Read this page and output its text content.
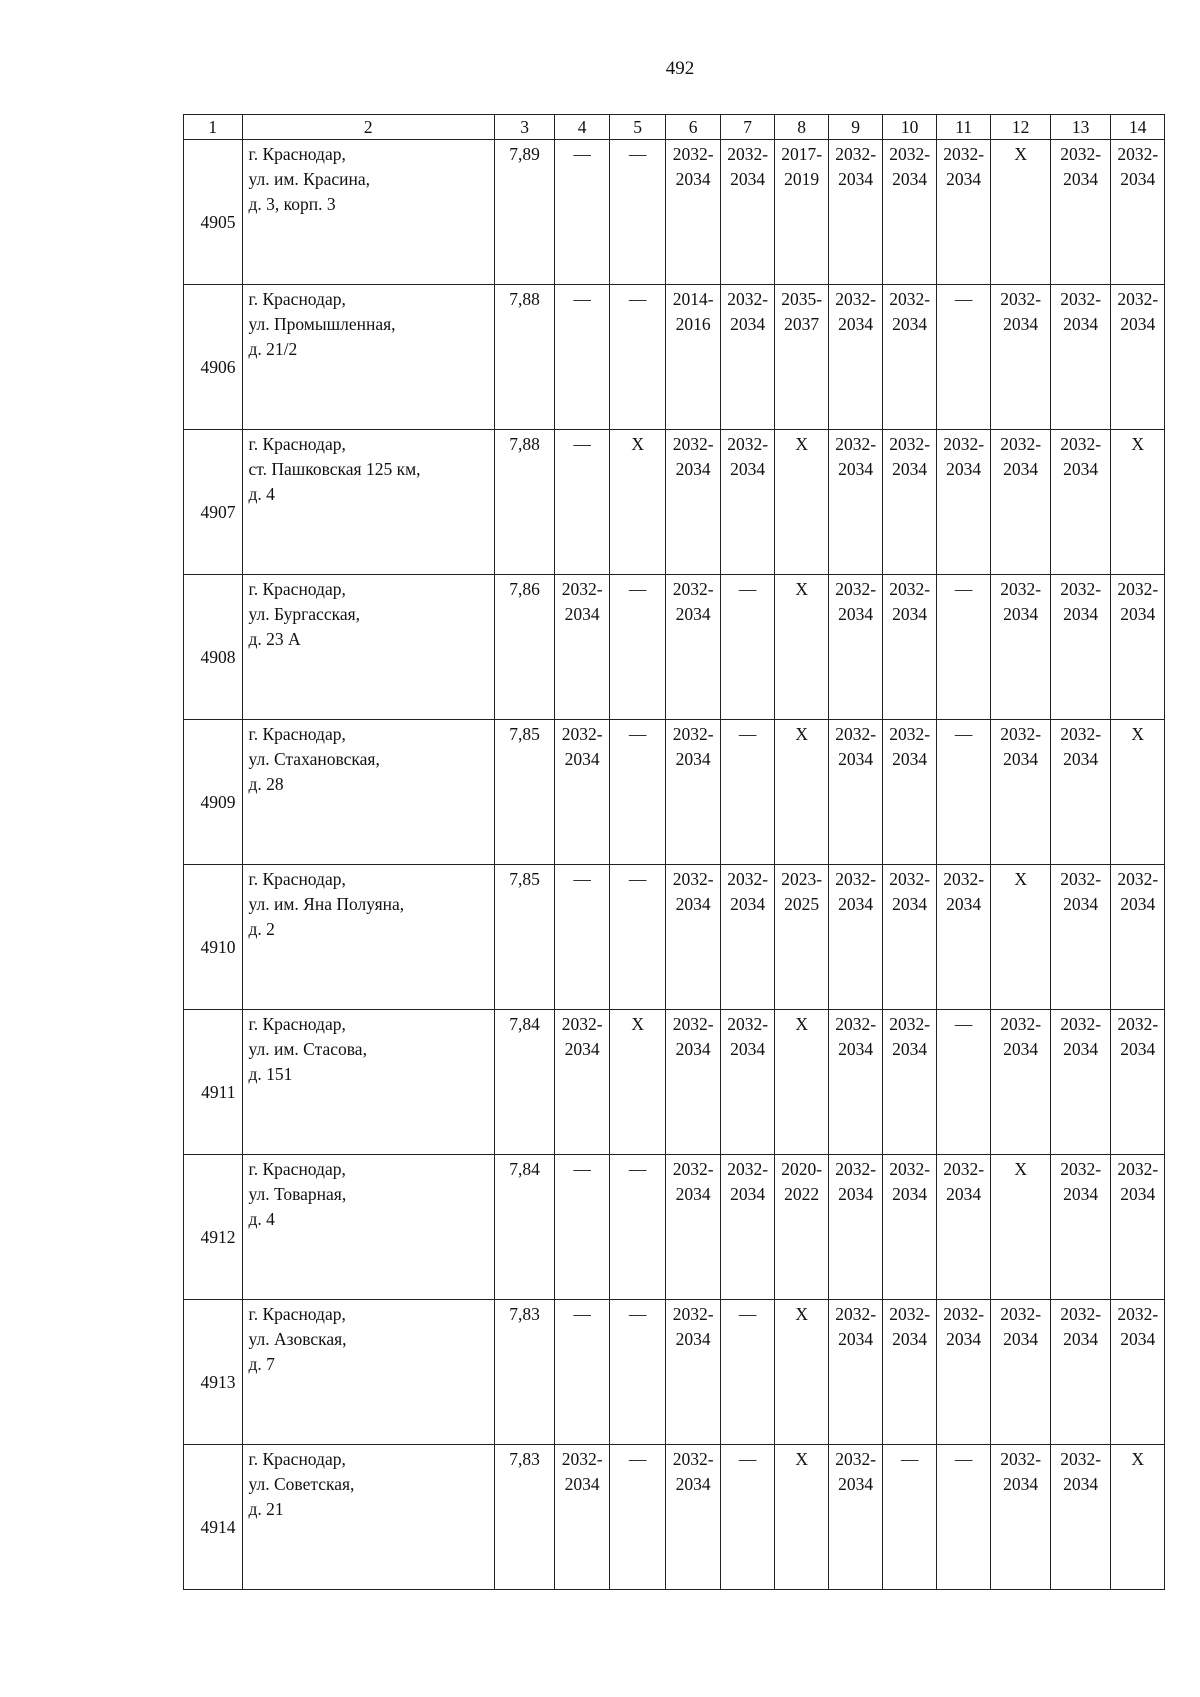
492
1	2	3	4	5	6	7	8	9	10	11	12	13	14
4905	г. Краснодар,
ул. им. Красина,
д. 3, корп. 3	7,89	—	—	2032-
2034	2032-
2034	2017-
2019	2032-
2034	2032-
2034	2032-
2034	Х	2032-
2034	2032-
2034

4906	г. Краснодар,
ул. Промышленная,
д. 21/2	7,88	—	—	2014-
2016	2032-
2034	2035-
2037	2032-
2034	2032-
2034	—	2032-
2034	2032-
2034	2032-
2034

4907	г. Краснодар,
ст. Пашковская 125 км,
д. 4	7,88	—	Х	2032-
2034	2032-
2034	Х	2032-
2034	2032-
2034	2032-
2034	2032-
2034	2032-
2034	Х

4908	г. Краснодар,
ул. Бургасская,
д. 23 А	7,86	2032-
2034	—	2032-
2034	—	Х	2032-
2034	2032-
2034	—	2032-
2034	2032-
2034	2032-
2034

4909	г. Краснодар,
ул. Стахановская,
д. 28	7,85	2032-
2034	—	2032-
2034	—	Х	2032-
2034	2032-
2034	—	2032-
2034	2032-
2034	Х

4910	г. Краснодар,
ул. им. Яна Полуяна,
д. 2	7,85	—	—	2032-
2034	2032-
2034	2023-
2025	2032-
2034	2032-
2034	2032-
2034	Х	2032-
2034	2032-
2034

4911	г. Краснодар,
ул. им. Стасова,
д. 151	7,84	2032-
2034	Х	2032-
2034	2032-
2034	Х	2032-
2034	2032-
2034	—	2032-
2034	2032-
2034	2032-
2034

4912	г. Краснодар,
ул. Товарная,
д. 4	7,84	—	—	2032-
2034	2032-
2034	2020-
2022	2032-
2034	2032-
2034	2032-
2034	Х	2032-
2034	2032-
2034

4913	г. Краснодар,
ул. Азовская,
д. 7	7,83	—	—	2032-
2034	—	Х	2032-
2034	2032-
2034	2032-
2034	2032-
2034	2032-
2034	2032-
2034

4914	г. Краснодар,
ул. Советская,
д. 21	7,83	2032-
2034	—	2032-
2034	—	Х	2032-
2034	—	—	2032-
2034	2032-
2034	Х
